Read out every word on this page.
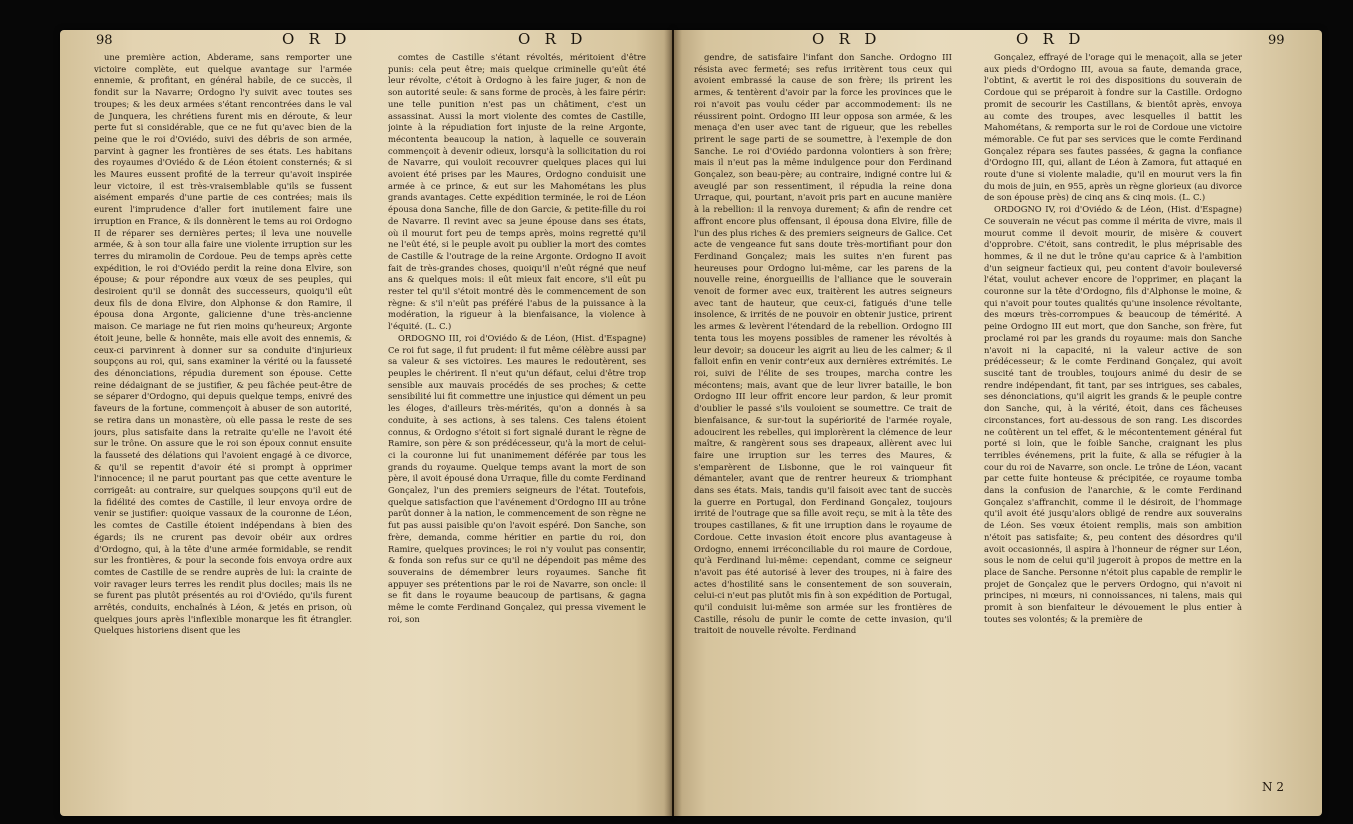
98	O R D	O R D	O R D	O R D	99

une première action, Abderame, sans remporter une victoire complète, eut quelque avantage sur l'armée ennemie, & profitant, en général habile, de ce succès, il fondit sur la Navarre; Ordogno l'y suivit avec toutes ses troupes; & les deux armées s'étant rencontrées dans le val de Junquera, les chrétiens furent mis en déroute, & leur perte fut si considérable, que ce ne fut qu'avec bien de la peine que le roi d'Oviédo, suivi des débris de son armée, parvint à gagner les frontières de ses états. Les habitans des royaumes d'Oviédo & de Léon étoient consternés; & si les Maures eussent profité de la terreur qu'avoit inspirée leur victoire, il est très-vraisemblable qu'ils se fussent aisément emparés d'une partie de ces contrées; mais ils eurent l'imprudence d'aller fort inutilement faire une irruption en France, & ils donnèrent le tems au roi Ordogno II de réparer ses dernières pertes; il leva une nouvelle armée, & à son tour alla faire une violente irruption sur les terres du miramolin de Cordoue. Peu de temps après cette expédition, le roi d'Oviédo perdit la reine dona Elvire, son épouse; & pour répondre aux vœux de ses peuples, qui desiroient qu'il se donnât des successeurs, quoiqu'il eût deux fils de dona Elvire, don Alphonse & don Ramire, il épousa dona Argonte, galicienne d'une très-ancienne maison. Ce mariage ne fut rien moins qu'heureux; Argonte étoit jeune, belle & honnête, mais elle avoit des ennemis, & ceux-ci parvinrent à donner sur sa conduite d'injurieux soupçons au roi, qui, sans examiner la vérité ou la fausseté des dénonciations, répudia durement son épouse. Cette reine dédaignant de se justifier, & peu fâchée peut-être de se séparer d'Ordogno, qui depuis quelque temps, enivré des faveurs de la fortune, commençoit à abuser de son autorité, se retira dans un monastère, où elle passa le reste de ses jours, plus satisfaite dans la retraite qu'elle ne l'avoit été sur le trône. On assure que le roi son époux connut ensuite la fausseté des délations qui l'avoient engagé à ce divorce, & qu'il se repentit d'avoir été si prompt à opprimer l'innocence; il ne parut pourtant pas que cette aventure le corrigeât: au contraire, sur quelques soupçons qu'il eut de la fidélité des comtes de Castille, il leur envoya ordre de venir se justifier: quoique vassaux de la couronne de Léon, les comtes de Castille étoient indépendans à bien des égards; ils ne crurent pas devoir obéir aux ordres d'Ordogno, qui, à la tête d'une armée formidable, se rendit sur les frontières, & pour la seconde fois envoya ordre aux comtes de Castille de se rendre auprès de lui: la crainte de voir ravager leurs terres les rendit plus dociles; mais ils ne se furent pas plutôt présentés au roi d'Oviédo, qu'ils furent arrêtés, conduits, enchaînés à Léon, & jetés en prison, où quelques jours après l'inflexible monarque les fit étrangler. Quelques historiens disent que les

comtes de Castille s'étant révoltés, méritoient d'être punis: cela peut être; mais quelque criminelle qu'eût été leur révolte, c'étoit à Ordogno à les faire juger, & non de son autorité seule: & sans forme de procès, à les faire périr: une telle punition n'est pas un châtiment, c'est un assassinat. Aussi la mort violente des comtes de Castille, jointe à la répudiation fort injuste de la reine Argonte, mécontenta beaucoup la nation, à laquelle ce souverain commençoit à devenir odieux, lorsqu'à la sollicitation du roi de Navarre, qui vouloit recouvrer quelques places qui lui avoient été prises par les Maures, Ordogno conduisit une armée à ce prince, & eut sur les Mahométans les plus grands avantages. Cette expédition terminée, le roi de Léon épousa dona Sanche, fille de don Garcie, & petite-fille du roi de Navarre. Il revint avec sa jeune épouse dans ses états, où il mourut fort peu de temps après, moins regretté qu'il ne l'eût été, si le peuple avoit pu oublier la mort des comtes de Castille & l'outrage de la reine Argonte. Ordogno II avoit fait de très-grandes choses, quoiqu'il n'eût régné que neuf ans & quelques mois: il eût mieux fait encore, s'il eût pu rester tel qu'il s'étoit montré dès le commencement de son règne: & s'il n'eût pas préféré l'abus de la puissance à la modération, la rigueur à la bienfaisance, la violence à l'équité. (L. C.)

ORDOGNO III, roi d'Oviédo & de Léon, (Hist. d'Espagne) Ce roi fut sage, il fut prudent: il fut même célèbre aussi par sa valeur & ses victoires. Les maures le redoutèrent, ses peuples le chérirent. Il n'eut qu'un défaut, celui d'être trop sensible aux mauvais procédés de ses proches; & cette sensibilité lui fit commettre une injustice qui dément un peu les éloges, d'ailleurs très-mérités, qu'on a donnés à sa conduite, à ses actions, à ses talens. Ces talens étoient connus, & Ordogno s'étoit si fort signalé durant le règne de Ramire, son père & son prédécesseur, qu'à la mort de celui-ci la couronne lui fut unanimement déférée par tous les grands du royaume. Quelque temps avant la mort de son père, il avoit épousé dona Urraque, fille du comte Ferdinand Gonçalez, l'un des premiers seigneurs de l'état. Toutefois, quelque satisfaction que l'avénement d'Ordogno III au trône parût donner à la nation, le commencement de son règne ne fut pas aussi paisible qu'on l'avoit espéré. Don Sanche, son frère, demanda, comme héritier en partie du roi, don Ramire, quelques provinces; le roi n'y voulut pas consentir, & fonda son refus sur ce qu'il ne dépendoit pas même des souverains de démembrer leurs royaumes. Sanche fit appuyer ses prétentions par le roi de Navarre, son oncle: il se fit dans le royaume beaucoup de partisans, & gagna même le comte Ferdinand Gonçalez, qui pressa vivement le roi, son

gendre, de satisfaire l'infant don Sanche. Ordogno III résista avec fermeté; ses refus irritèrent tous ceux qui avoient embrassé la cause de son frère; ils prirent les armes, & tentèrent d'avoir par la force les provinces que le roi n'avoit pas voulu céder par accommodement: ils ne réussirent point. Ordogno III leur opposa son armée, & les menaça d'en user avec tant de rigueur, que les rebelles prirent le sage parti de se soumettre, à l'exemple de don Sanche. Le roi d'Oviédo pardonna volontiers à son frère; mais il n'eut pas la même indulgence pour don Ferdinand Gonçalez, son beau-père; au contraire, indigné contre lui & aveuglé par son ressentiment, il répudia la reine dona Urraque, qui, pourtant, n'avoit pris part en aucune manière à la rebellion: il la renvoya durement; & afin de rendre cet affront encore plus offensant, il épousa dona Elvire, fille de l'un des plus riches & des premiers seigneurs de Galice. Cet acte de vengeance fut sans doute très-mortifiant pour don Ferdinand Gonçalez; mais les suites n'en furent pas heureuses pour Ordogno lui-même, car les parens de la nouvelle reine, énorgueillis de l'alliance que le souverain venoit de former avec eux, traitèrent les autres seigneurs avec tant de hauteur, que ceux-ci, fatigués d'une telle insolence, & irrités de ne pouvoir en obtenir justice, prirent les armes & levèrent l'étendard de la rebellion. Ordogno III tenta tous les moyens possibles de ramener les révoltés à leur devoir; sa douceur les aigrit au lieu de les calmer; & il falloit enfin en venir contr'eux aux dernières extrémités. Le roi, suivi de l'élite de ses troupes, marcha contre les mécontens; mais, avant que de leur livrer bataille, le bon Ordogno III leur offrit encore leur pardon, & leur promit d'oublier le passé s'ils vouloient se soumettre. Ce trait de bienfaisance, & sur-tout la supériorité de l'armée royale, adoucirent les rebelles, qui implorèrent la clémence de leur maître, & rangèrent sous ses drapeaux, allèrent avec lui faire une irruption sur les terres des Maures, & s'emparèrent de Lisbonne, que le roi vainqueur fit démanteler, avant que de rentrer heureux & triomphant dans ses états. Mais, tandis qu'il faisoit avec tant de succès la guerre en Portugal, don Ferdinand Gonçalez, toujours irrité de l'outrage que sa fille avoit reçu, se mit à la tête des troupes castillanes, & fit une irruption dans le royaume de Cordoue. Cette invasion étoit encore plus avantageuse à Ordogno, ennemi irréconciliable du roi maure de Cordoue, qu'à Ferdinand lui-même: cependant, comme ce seigneur n'avoit pas été autorisé à lever des troupes, ni à faire des actes d'hostilité sans le consentement de son souverain, celui-ci n'eut pas plutôt mis fin à son expédition de Portugal, qu'il conduisit lui-même son armée sur les frontières de Castille, résolu de punir le comte de cette invasion, qu'il traitoit de nouvelle révolte. Ferdinand

Gonçalez, effrayé de l'orage qui le menaçoit, alla se jeter aux pieds d'Ordogno III, avoua sa faute, demanda grace, l'obtint, & avertit le roi des dispositions du souverain de Cordoue qui se préparoit à fondre sur la Castille. Ordogno promit de secourir les Castillans, & bientôt après, envoya au comte des troupes, avec lesquelles il battit les Mahométans, & remporta sur le roi de Cordoue une victoire mémorable. Ce fut par ses services que le comte Ferdinand Gonçalez répara ses fautes passées, & gagna la confiance d'Ordogno III, qui, allant de Léon à Zamora, fut attaqué en route d'une si violente maladie, qu'il en mourut vers la fin du mois de juin, en 955, après un règne glorieux (au divorce de son épouse près) de cinq ans & cinq mois. (L. C.)

ORDOGNO IV, roi d'Oviédo & de Léon, (Hist. d'Espagne) Ce souverain ne vécut pas comme il mérita de vivre, mais il mourut comme il devoit mourir, de misère & couvert d'opprobre. C'étoit, sans contredit, le plus méprisable des hommes, & il ne dut le trône qu'au caprice & à l'ambition d'un seigneur factieux qui, peu content d'avoir bouleversé l'état, voulut achever encore de l'opprimer, en plaçant la couronne sur la tête d'Ordogno, fils d'Alphonse le moine, & qui n'avoit pour toutes qualités qu'une insolence révoltante, des mœurs très-corrompues & beaucoup de témérité. A peine Ordogno III eut mort, que don Sanche, son frère, fut proclamé roi par les grands du royaume: mais don Sanche n'avoit ni la capacité, ni la valeur active de son prédécesseur; & le comte Ferdinand Gonçalez, qui avoit suscité tant de troubles, toujours animé du desir de se rendre indépendant, fit tant, par ses intrigues, ses cabales, ses dénonciations, qu'il aigrit les grands & le peuple contre don Sanche, qui, à la vérité, étoit, dans ces fâcheuses circonstances, fort au-dessous de son rang. Les discordes ne coûtèrent un tel effet, & le mécontentement général fut porté si loin, que le foible Sanche, craignant les plus terribles événemens, prit la fuite, & alla se réfugier à la cour du roi de Navarre, son oncle. Le trône de Léon, vacant par cette fuite honteuse & précipitée, ce royaume tomba dans la confusion de l'anarchie, & le comte Ferdinand Gonçalez s'affranchit, comme il le désiroit, de l'hommage qu'il avoit été jusqu'alors obligé de rendre aux souverains de Léon. Ses vœux étoient remplis, mais son ambition n'étoit pas satisfaite; &, peu content des désordres qu'il avoit occasionnés, il aspira à l'honneur de régner sur Léon, sous le nom de celui qu'il jugeroit à propos de mettre en la place de Sanche. Personne n'étoit plus capable de remplir le projet de Gonçalez que le pervers Ordogno, qui n'avoit ni principes, ni mœurs, ni connoissances, ni talens, mais qui promit à son bienfaiteur le dévouement le plus entier à toutes ses volontés; & la première de

N 2
